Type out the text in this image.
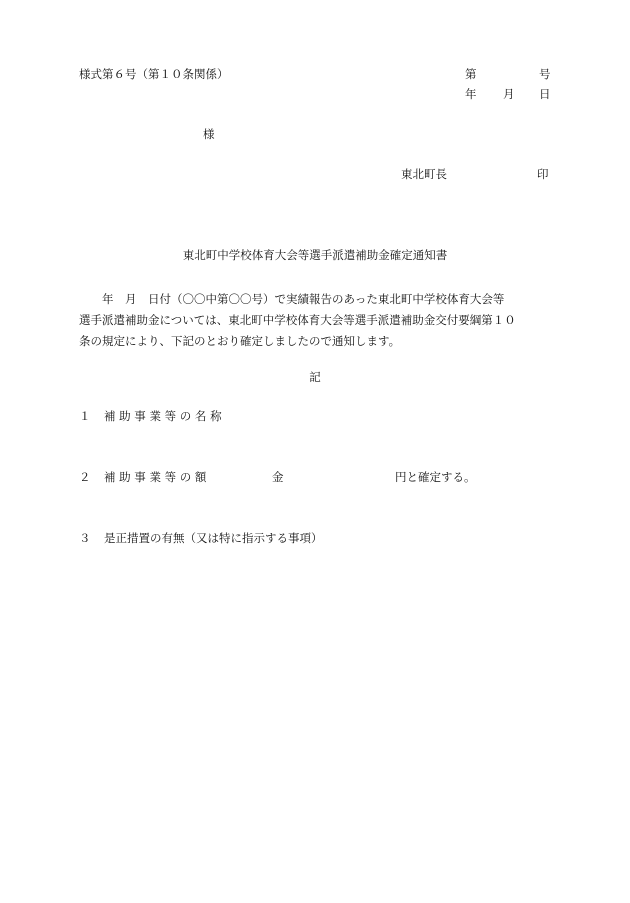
様式第６号（第１０条関係）	第	号
年 月 日
様
東北町長	印
東北町中学校体育大会等選手派遣補助金確定通知書
　　年　月　日付（〇〇中第〇〇号）で実績報告のあった東北町中学校体育大会等
選手派遣補助金については、東北町中学校体育大会等選手派遣補助金交付要綱第１０
条の規定により、下記のとおり確定しましたので通知します。
記
１ 補 助 事 業 等 の 名 称
２ 補 助 事 業 等 の 額	金	円と確定する。
３ 是正措置の有無（又は特に指示する事項）
